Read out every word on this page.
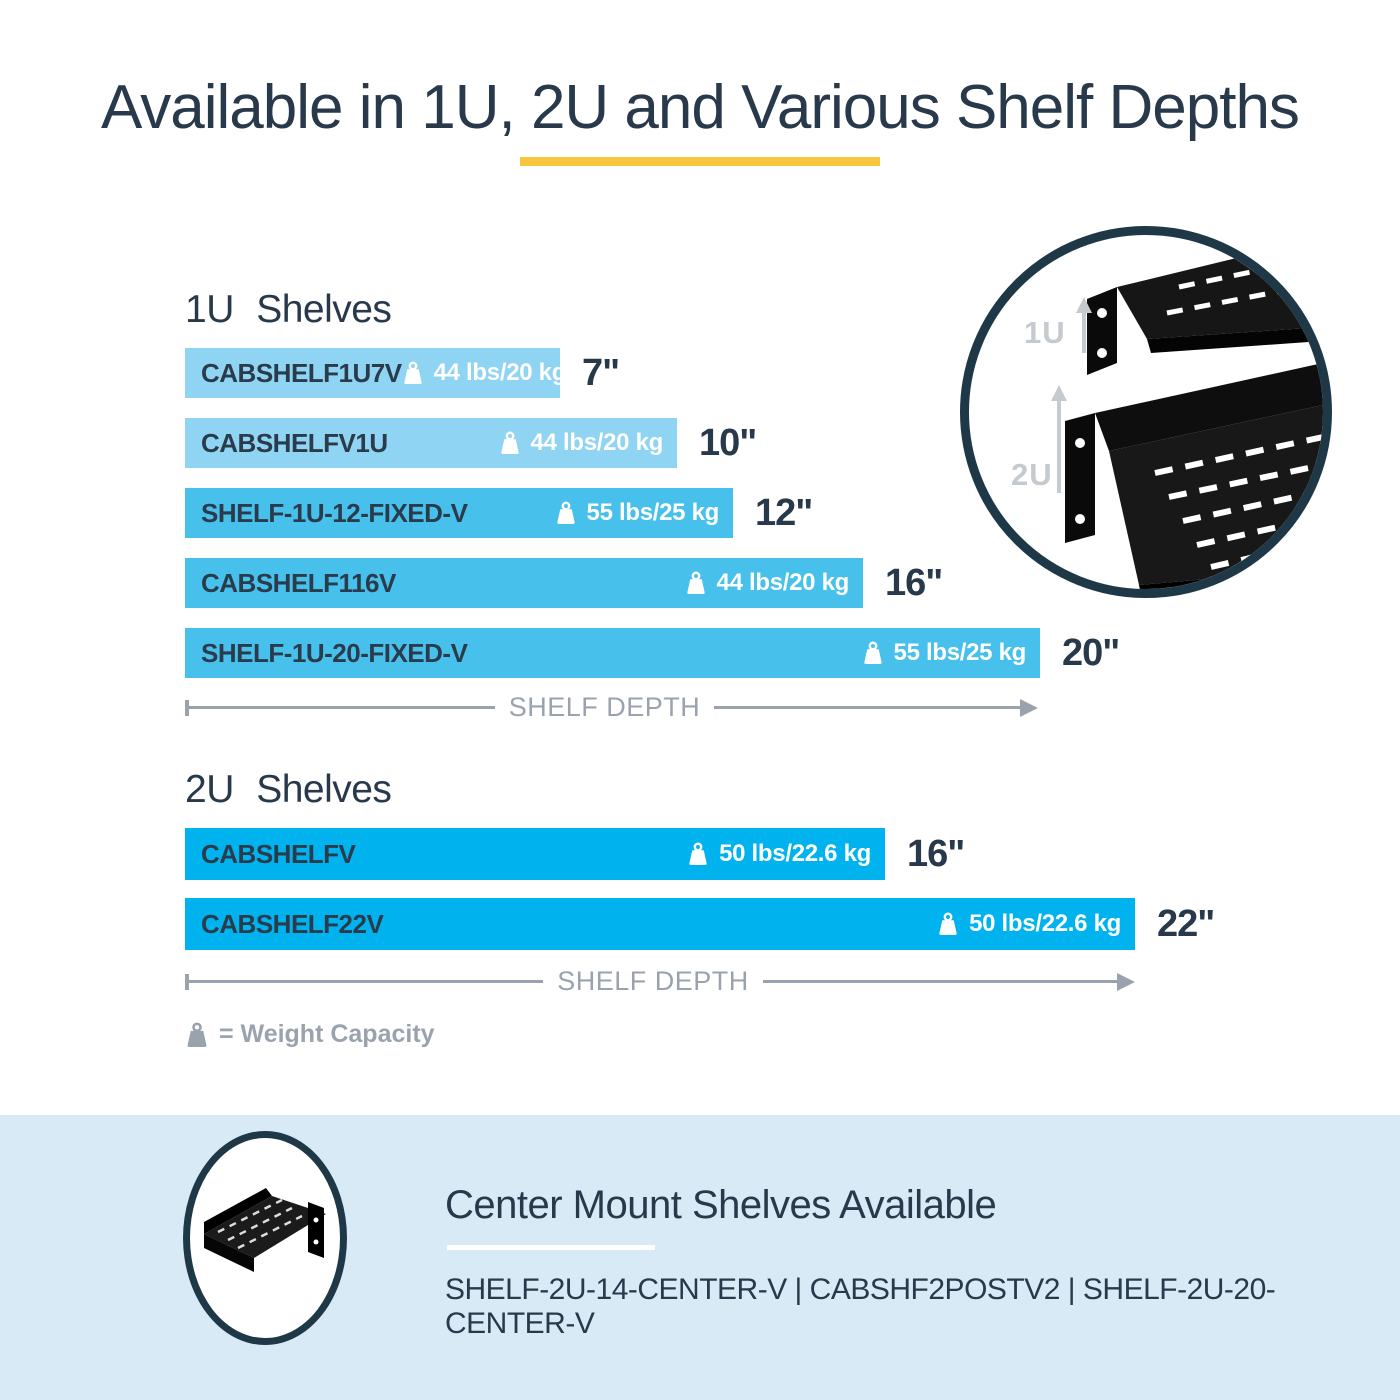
Available in 1U, 2U and Various Shelf Depths
1U Shelves
CABSHELF1U7V 44 lbs/20 kg 7"
CABSHELFV1U	44 lbs/20 kg 10"
SHELF-1U-12-FIXED-V	55 lbs/25 kg 12"
CABSHELF116V	44 lbs/20 kg 16"
SHELF-1U-20-FIXED-V	55 lbs/25 kg 20"
SHELF DEPTH
2U Shelves
CABSHELFV	50 lbs/22.6 kg 16"
CABSHELF22V	50 lbs/22.6 kg 22"
SHELF DEPTH
= Weight Capacity
1U
2U
Center Mount Shelves Available
SHELF-2U-14-CENTER-V | CABSHF2POSTV2 | SHELF-2U-20-CENTER-V
